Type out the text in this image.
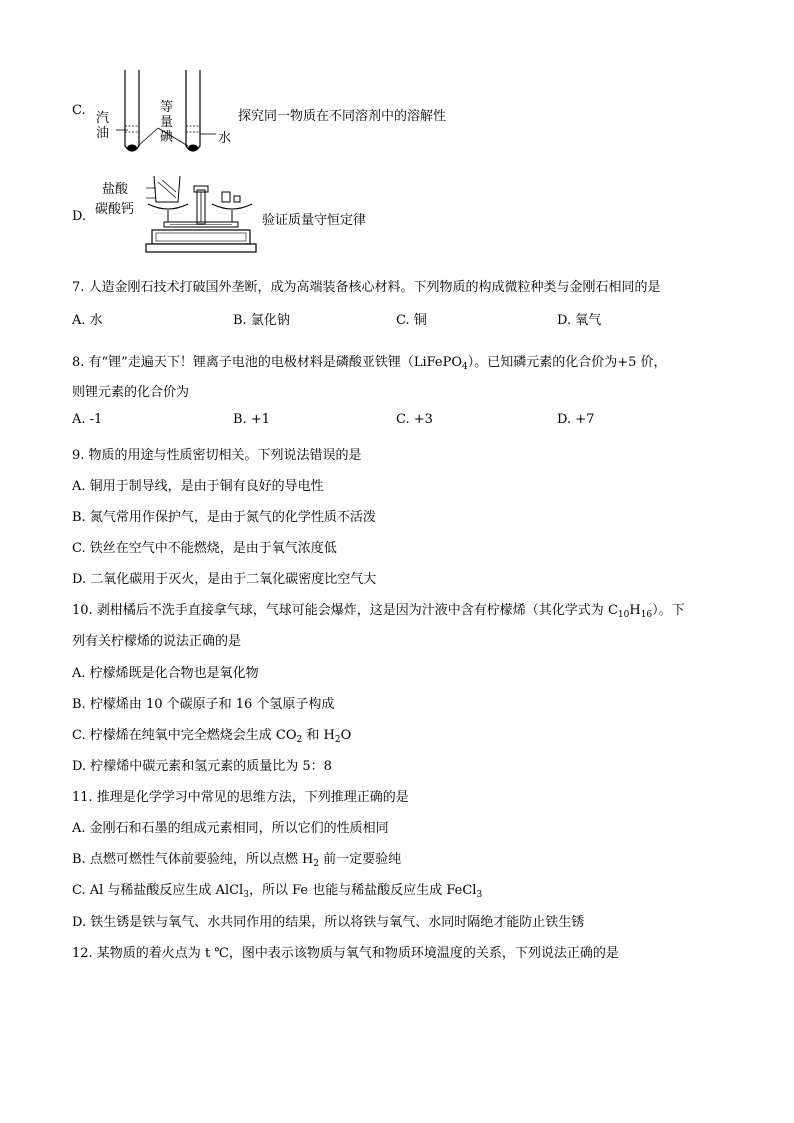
C.
汽
油
等
量
碘	水
探究同一物质在不同溶剂中的溶解性
D.
盐酸
碳酸钙
验证质量守恒定律
7. 人造金刚石技术打破国外垄断，成为高端装备核心材料。下列物质的构成微粒种类与金刚石相同的是
A. 水	B. 氯化钠	C. 铜	D. 氧气
8. 有“锂”走遍天下！锂离子电池的电极材料是磷酸亚铁锂（LiFePO$_4$）。已知磷元素的化合价为+5 价，
则锂元素的化合价为
A. -1	B. +1	C. +3	D. +7
9. 物质的用途与性质密切相关。下列说法错误的是
A. 铜用于制导线，是由于铜有良好的导电性
B. 氮气常用作保护气，是由于氮气的化学性质不活泼
C. 铁丝在空气中不能燃烧，是由于氧气浓度低
D. 二氧化碳用于灭火，是由于二氧化碳密度比空气大
10. 剥柑橘后不洗手直接拿气球，气球可能会爆炸，这是因为汁液中含有柠檬烯（其化学式为 $C_{10}H_{16}$）。下
列有关柠檬烯的说法正确的是
A. 柠檬烯既是化合物也是氧化物
B. 柠檬烯由 10 个碳原子和 16 个氢原子构成
C. 柠檬烯在纯氧中完全燃烧会生成 $CO_2$ 和 $H_2O$
D. 柠檬烯中碳元素和氢元素的质量比为 5：8
11. 推理是化学学习中常见的思维方法，下列推理正确的是
A. 金刚石和石墨的组成元素相同，所以它们的性质相同
B. 点燃可燃性气体前要验纯，所以点燃 $H_2$ 前一定要验纯
C. Al 与稀盐酸反应生成 AlCl$_3$，所以 Fe 也能与稀盐酸反应生成 FeCl$_3$
D. 铁生锈是铁与氧气、水共同作用的结果，所以将铁与氧气、水同时隔绝才能防止铁生锈
12. 某物质的着火点为 t ℃，图中表示该物质与氧气和物质环境温度的关系，下列说法正确的是
